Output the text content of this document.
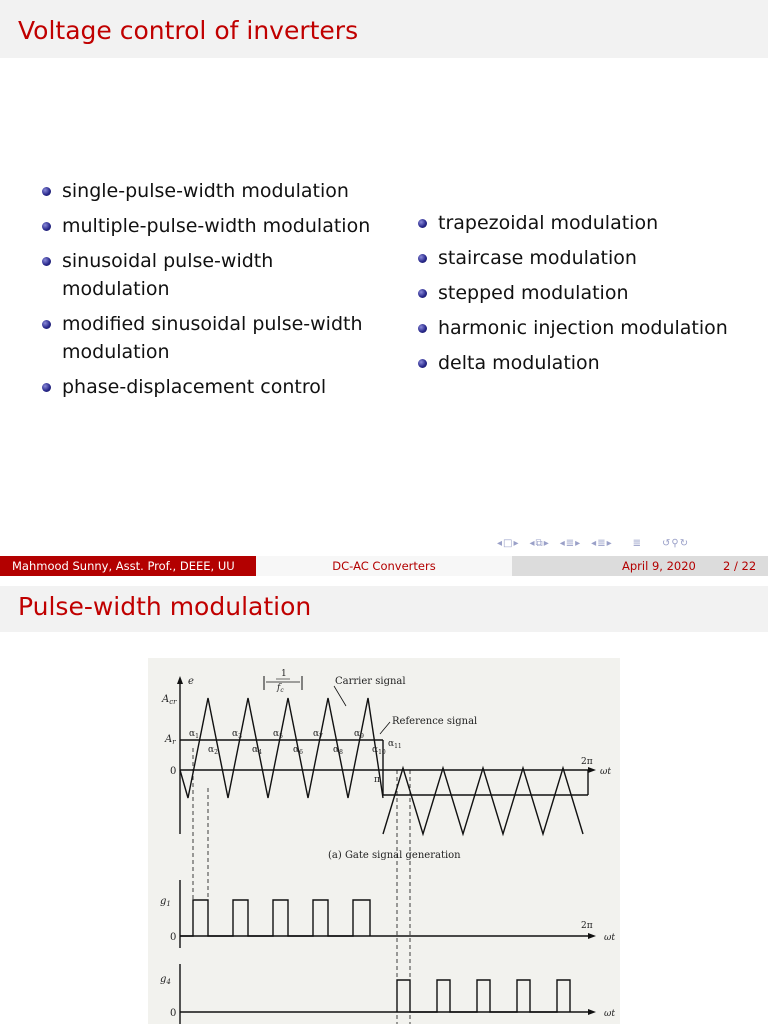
Voltage control of inverters
single-pulse-width modulation
multiple-pulse-width modulation
sinusoidal pulse-width modulation
modified sinusoidal pulse-width modulation
phase-displacement control
trapezoidal modulation
staircase modulation
stepped modulation
harmonic injection modulation
delta modulation
◂□▸ ◂⧉▸ ◂≣▸ ◂≣▸ ≣ ↺⚲↻
Mahmood Sunny, Asst. Prof., DEEE, UU	DC-AC Converters	April 9, 2020 2 / 22
Pulse-width modulation
e
$A_{cr}$
$A_r$
0
π
2π
ωt
1
$f_c$
Carrier signal
Reference signal
$\alpha_1$
$\alpha_2$
$\alpha_3$
$\alpha_4$
$\alpha_5$
$\alpha_6$
$\alpha_7$
$\alpha_8$
$\alpha_9$
$\alpha_{10}$
$\alpha_{11}$
(a) Gate signal generation
$g_1$
0
2π
ωt
$g_4$
0	ωt
